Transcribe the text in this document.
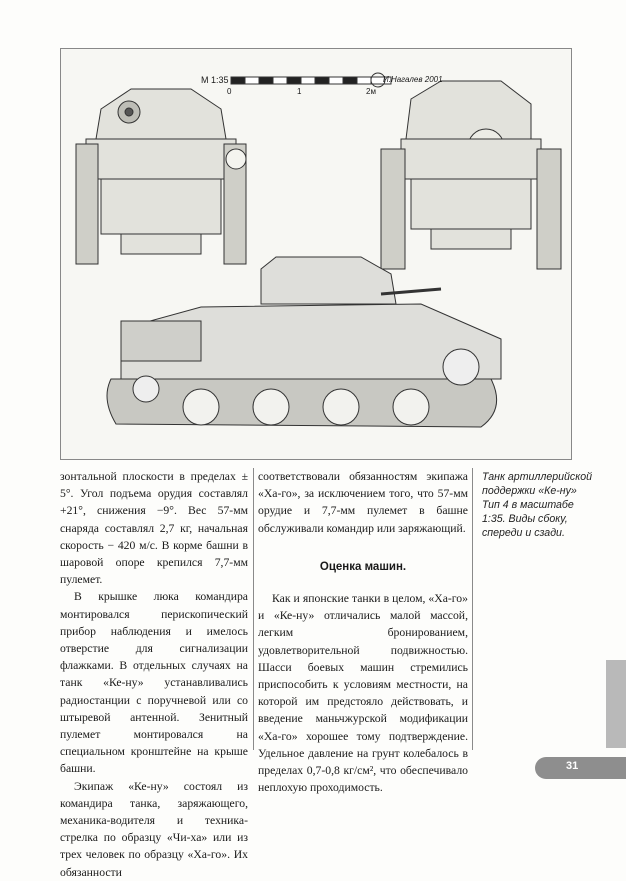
М 1:35
0	1	2м
И.Нагалев 2001

зонтальной плоскости в пределах ± 5°. Угол подъема орудия составлял +21°, снижения −9°. Вес 57-мм снаряда составлял 2,7 кг, начальная скорость − 420 м/с. В корме башни в шаровой опоре крепился 7,7-мм пулемет.

В крышке люка командира монтировался перископический прибор наблюдения и имелось отверстие для сигнализации флажками. В отдельных случаях на танк «Ке-ну» устанавливались радиостанции с поручневой или со штыревой антенной. Зенитный пулемет монтировался на специальном кронштейне на крыше башни.

Экипаж «Ке-ну» состоял из командира танка, заряжающего, механика-водителя и техника-стрелка по образцу «Чи-ха» или из трех человек по образцу «Ха-го». Их обязанности

соответствовали обязанностям экипажа «Ха-го», за исключением того, что 57-мм орудие и 7,7-мм пулемет в башне обслуживали командир или заряжающий.

Оценка машин.

Как и японские танки в целом, «Ха-го» и «Ке-ну» отличались малой массой, легким бронированием, удовлетворительной подвижностью. Шасси боевых машин стремились приспособить к условиям местности, на которой им предстояло действовать, и введение маньчжурской модификации «Ха-го» хорошее тому подтверждение. Удельное давление на грунт колебалось в пределах 0,7-0,8 кг/см², что обеспечивало неплохую проходимость.

Танк артиллерийской поддержки «Ке-ну» Тип 4 в масштабе 1:35. Виды сбоку, спереди и сзади.
31
